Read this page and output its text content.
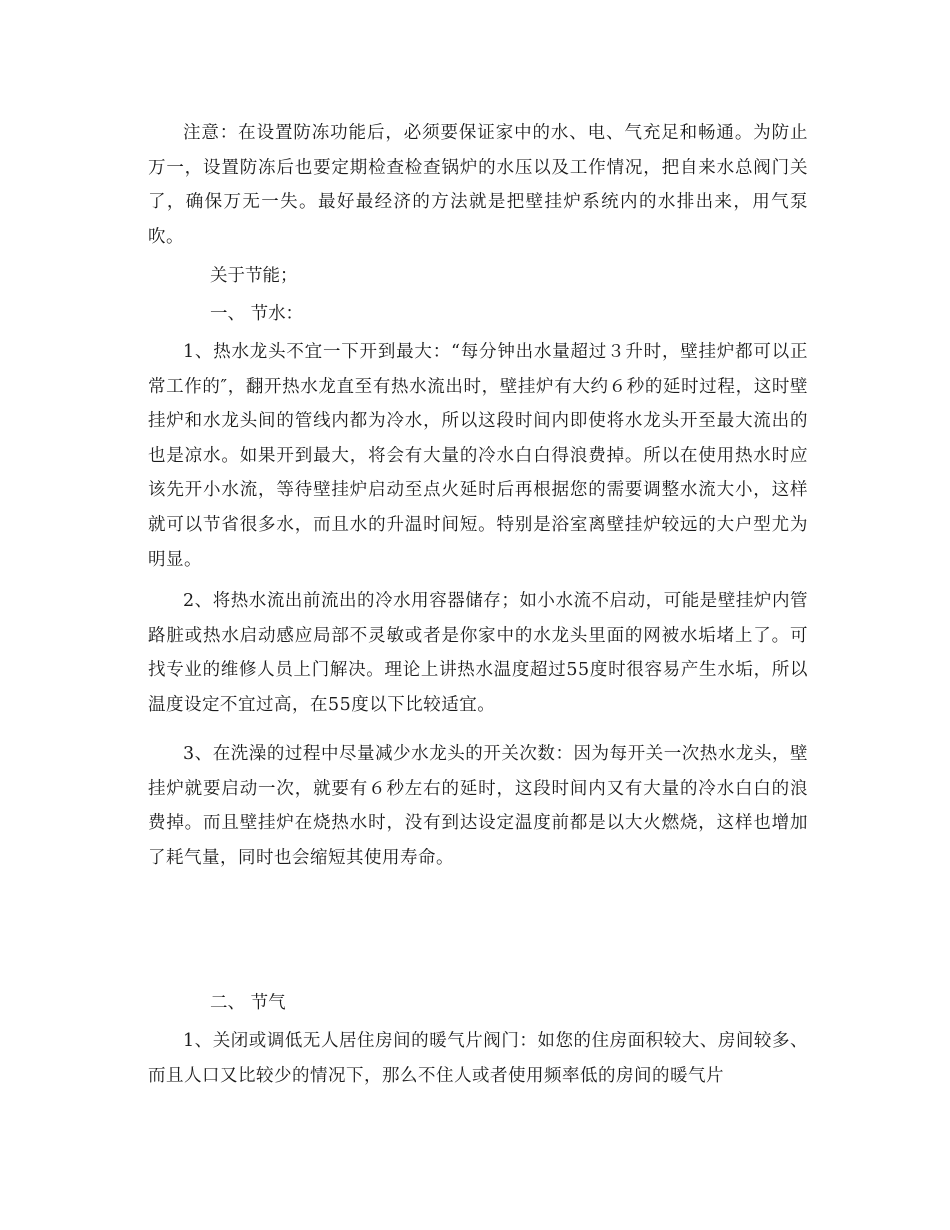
注意：在设置防冻功能后，必须要保证家中的水、电、气充足和畅通。为防止万一，设置防冻后也要定期检查检查锅炉的水压以及工作情况，把自来水总阀门关了，确保万无一失。最好最经济的方法就是把壁挂炉系统内的水排出来，用气泵吹。

关于节能；

一、 节水：

1、热水龙头不宜一下开到最大：“每分钟出水量超过３升时，壁挂炉都可以正常工作的″，翻开热水龙直至有热水流出时，壁挂炉有大约６秒的延时过程，这时壁挂炉和水龙头间的管线内都为冷水，所以这段时间内即使将水龙头开至最大流出的也是凉水。如果开到最大，将会有大量的冷水白白得浪费掉。所以在使用热水时应该先开小水流，等待壁挂炉启动至点火延时后再根据您的需要调整水流大小，这样就可以节省很多水，而且水的升温时间短。特别是浴室离壁挂炉较远的大户型尤为明显。

2、将热水流出前流出的冷水用容器储存；如小水流不启动，可能是壁挂炉内管路脏或热水启动感应局部不灵敏或者是你家中的水龙头里面的网被水垢堵上了。可找专业的维修人员上门解决。理论上讲热水温度超过55度时很容易产生水垢，所以温度设定不宜过高，在55度以下比较适宜。

3、在洗澡的过程中尽量减少水龙头的开关次数：因为每开关一次热水龙头，壁挂炉就要启动一次，就要有６秒左右的延时，这段时间内又有大量的冷水白白的浪费掉。而且壁挂炉在烧热水时，没有到达设定温度前都是以大火燃烧，这样也增加了耗气量，同时也会缩短其使用寿命。

二、 节气

1、关闭或调低无人居住房间的暖气片阀门：如您的住房面积较大、房间较多、而且人口又比较少的情况下，那么不住人或者使用频率低的房间的暖气片
